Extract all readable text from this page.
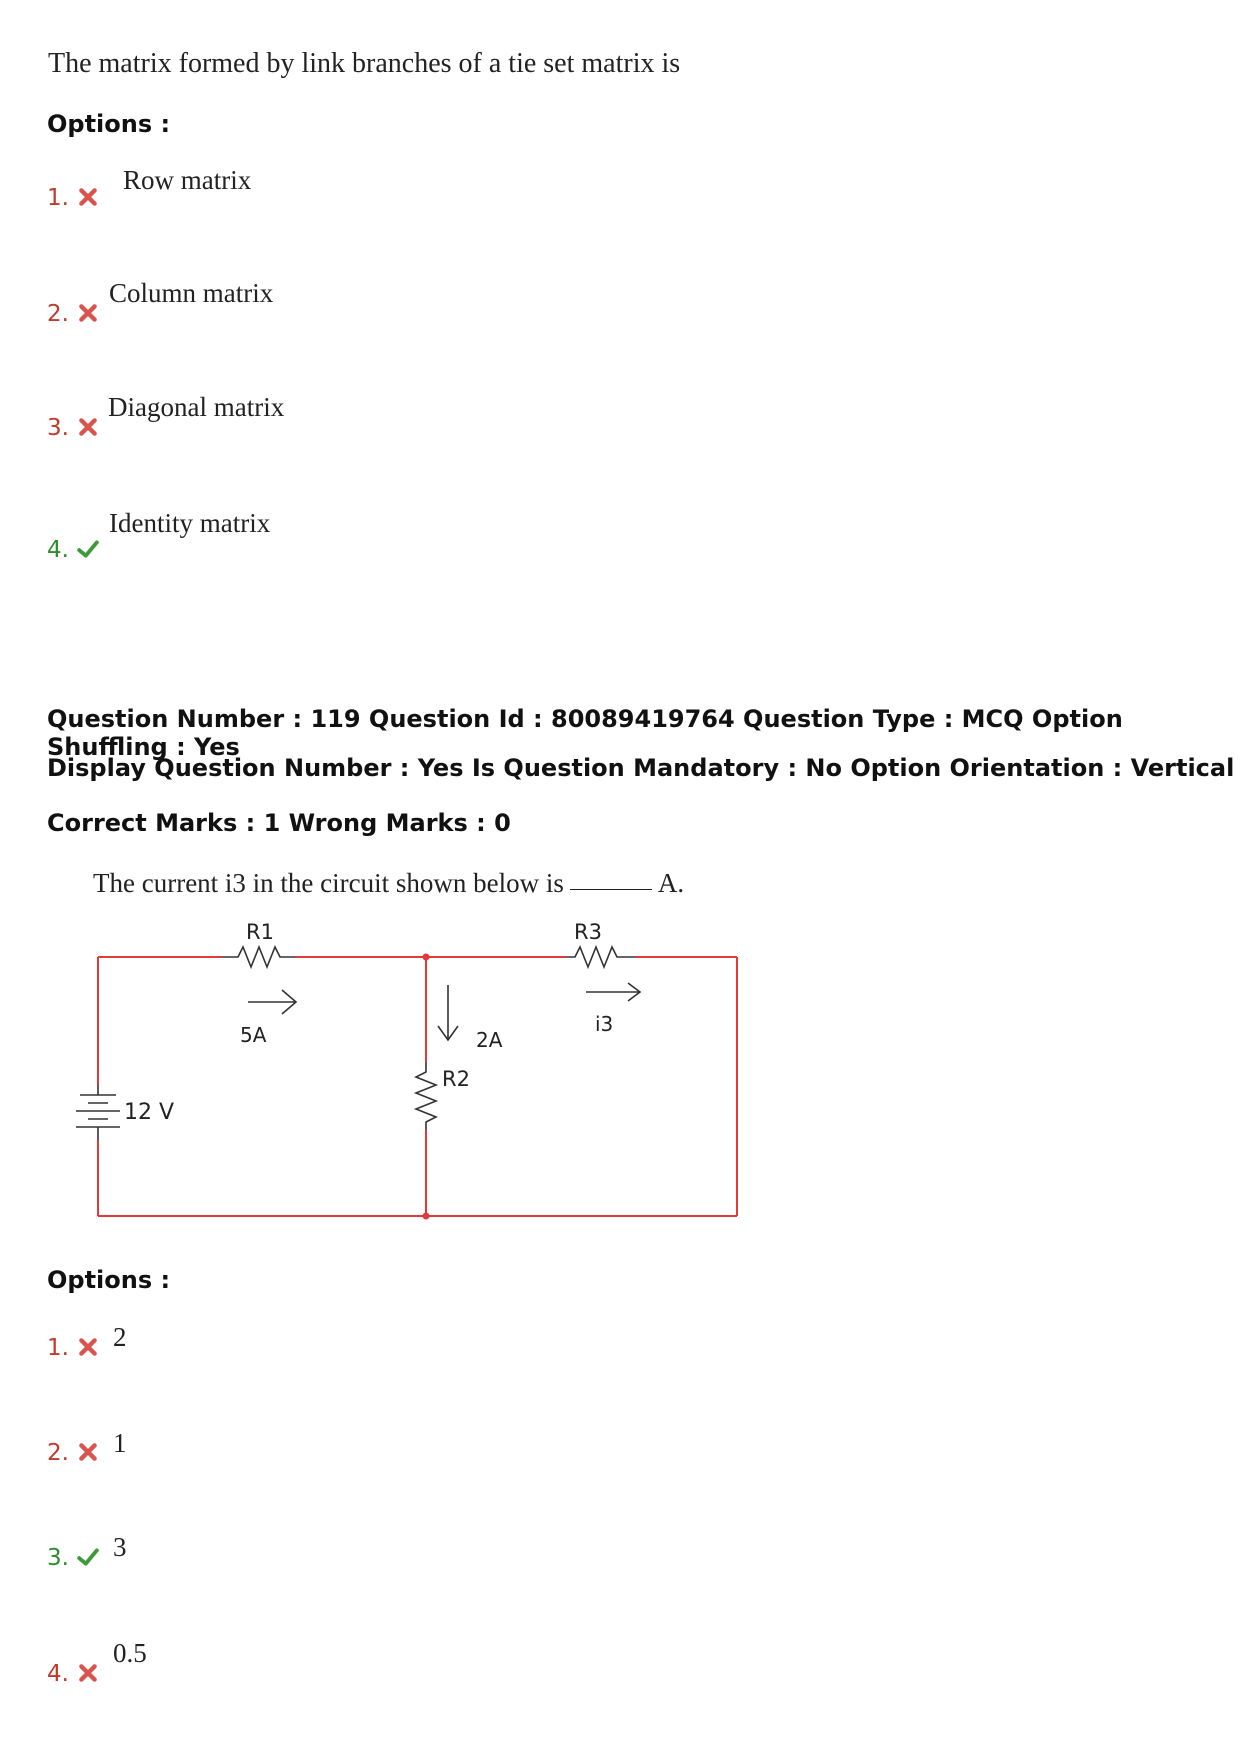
The matrix formed by link branches of a tie set matrix is
Options :
1.
Row matrix
2.
Column matrix
3.
Diagonal matrix
4.
Identity matrix
Question Number : 119 Question Id : 80089419764 Question Type : MCQ Option Shuffling : Yes
Display Question Number : Yes Is Question Mandatory : No Option Orientation : Vertical
Correct Marks : 1 Wrong Marks : 0
The current i3 in the circuit shown below is	A.
R1	R3
R2
5A	2A
i3
12 V
Options :
1.	2
2.	1
3.	3
4.
0.5
